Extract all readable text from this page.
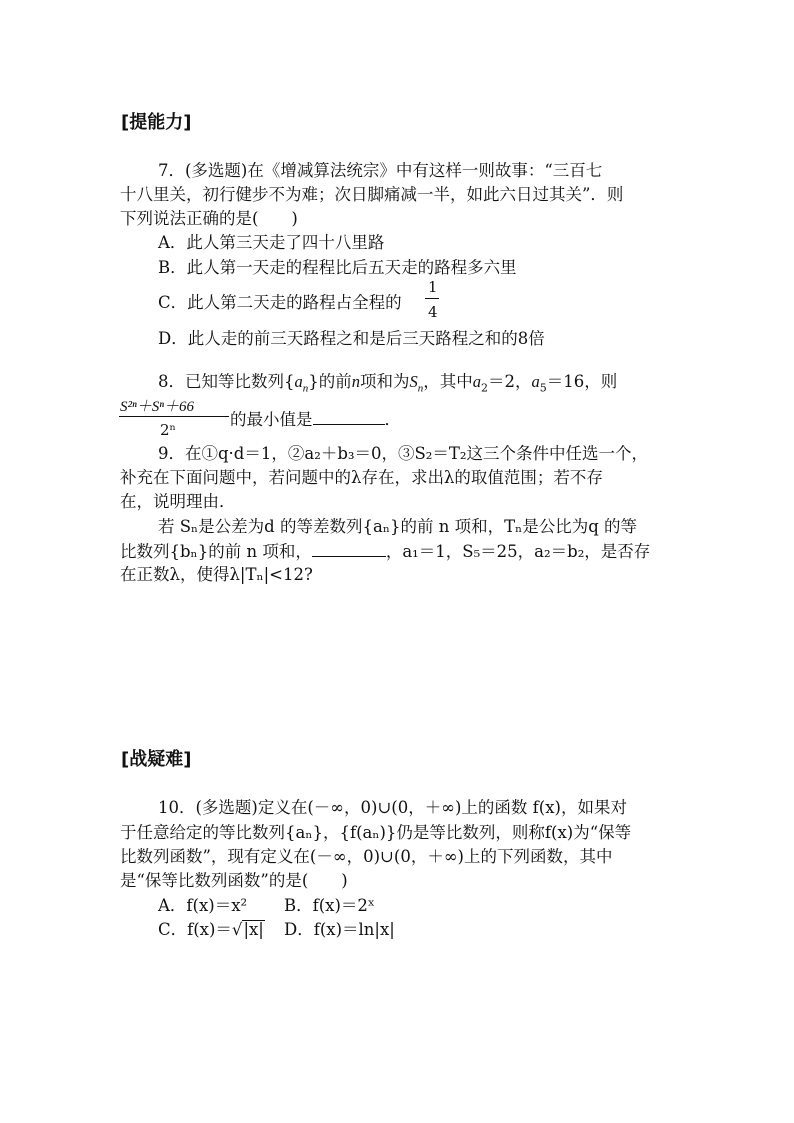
[提能力]
7．(多选题)在《增减算法统宗》中有这样一则故事：“三百七
十八里关，初行健步不为难；次日脚痛减一半，如此六日过其关”．则
下列说法正确的是(　　)
A．此人第三天走了四十八里路
B．此人第一天走的程程比后五天走的路程多六里
C．此人第二天走的路程占全程的
1
4
D．此人走的前三天路程之和是后三天路程之和的8倍
8．已知等比数列$\{a_n\}$的前n项和为$S_n$，其中$a_2=2$，$a_5=16$，则
S²ⁿ＋Sⁿ＋66
2ⁿ
的最小值是	．
9．在①q·d＝1，②a₂＋b₃＝0，③S₂＝T₂这三个条件中任选一个，
补充在下面问题中，若问题中的λ存在，求出λ的取值范围；若不存
在，说明理由．
若 Sₙ是公差为d 的等差数列{aₙ}的前 n 项和，Tₙ是公比为q 的等
比数列{bₙ}的前 n 项和，	，a₁＝1，S₅＝25，a₂＝b₂，是否存
在正数λ，使得λ|Tₙ|<12?
[战疑难]
10．(多选题)定义在(－∞，0)∪(0，＋∞)上的函数 f(x)，如果对
于任意给定的等比数列{aₙ}，{f(aₙ)}仍是等比数列，则称f(x)为“保等
比数列函数”，现有定义在(－∞，0)∪(0，＋∞)上的下列函数，其中
是“保等比数列函数”的是(　　)
A．f(x)＝x² B．f(x)＝2ˣ
C．f(x)＝√|x| D．f(x)＝ln|x|
